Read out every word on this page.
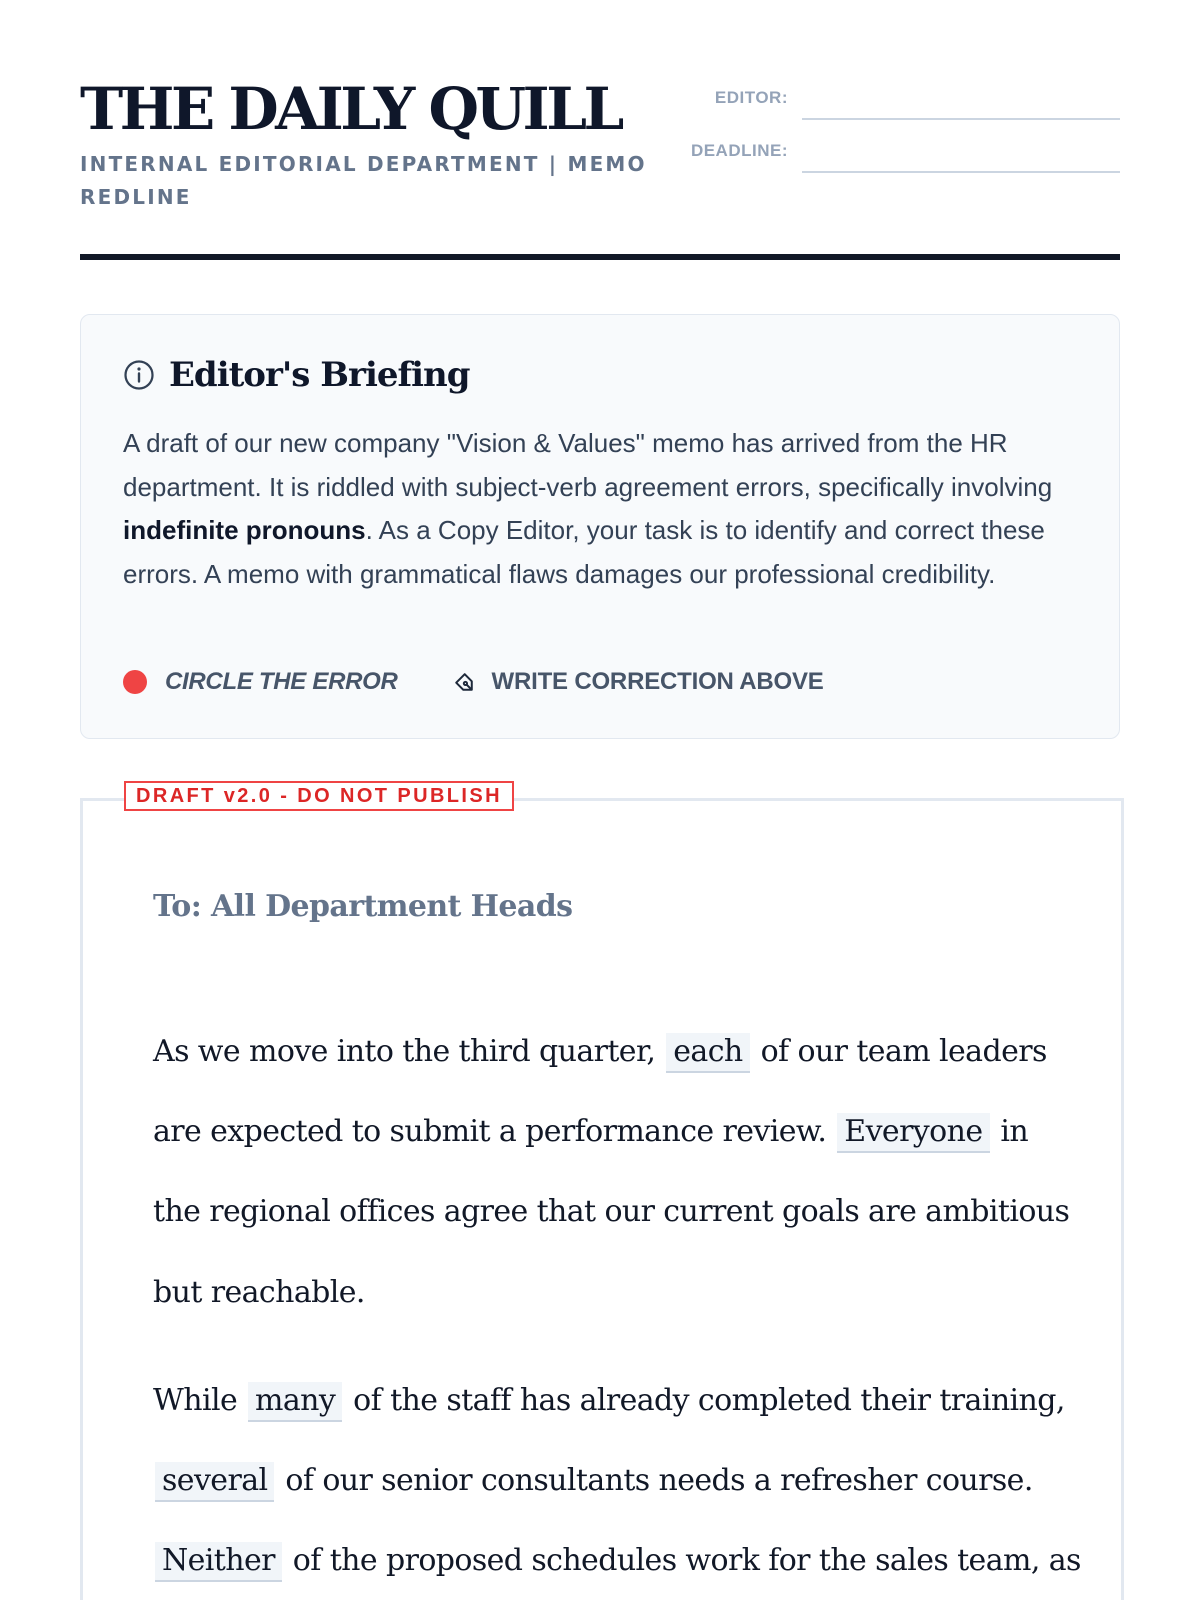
THE DAILY QUILL
INTERNAL EDITORIAL DEPARTMENT | MEMO REDLINE
EDITOR:
DEADLINE:
Editor's Briefing

A draft of our new company "Vision & Values" memo has arrived from the HR department. It is riddled with subject-verb agreement errors, specifically involving indefinite pronouns. As a Copy Editor, your task is to identify and correct these errors. A memo with grammatical flaws damages our professional credibility.

CIRCLE THE ERROR	WRITE CORRECTION ABOVE
To: All Department Heads

As we move into the third quarter, each of our team leaders are expected to submit a performance review. Everyone in the regional offices agree that our current goals are ambitious but reachable.

While many of the staff has already completed their training, several of our senior consultants needs a refresher course. Neither of the proposed schedules work for the sales team, as

DRAFT v2.0 - DO NOT PUBLISH
